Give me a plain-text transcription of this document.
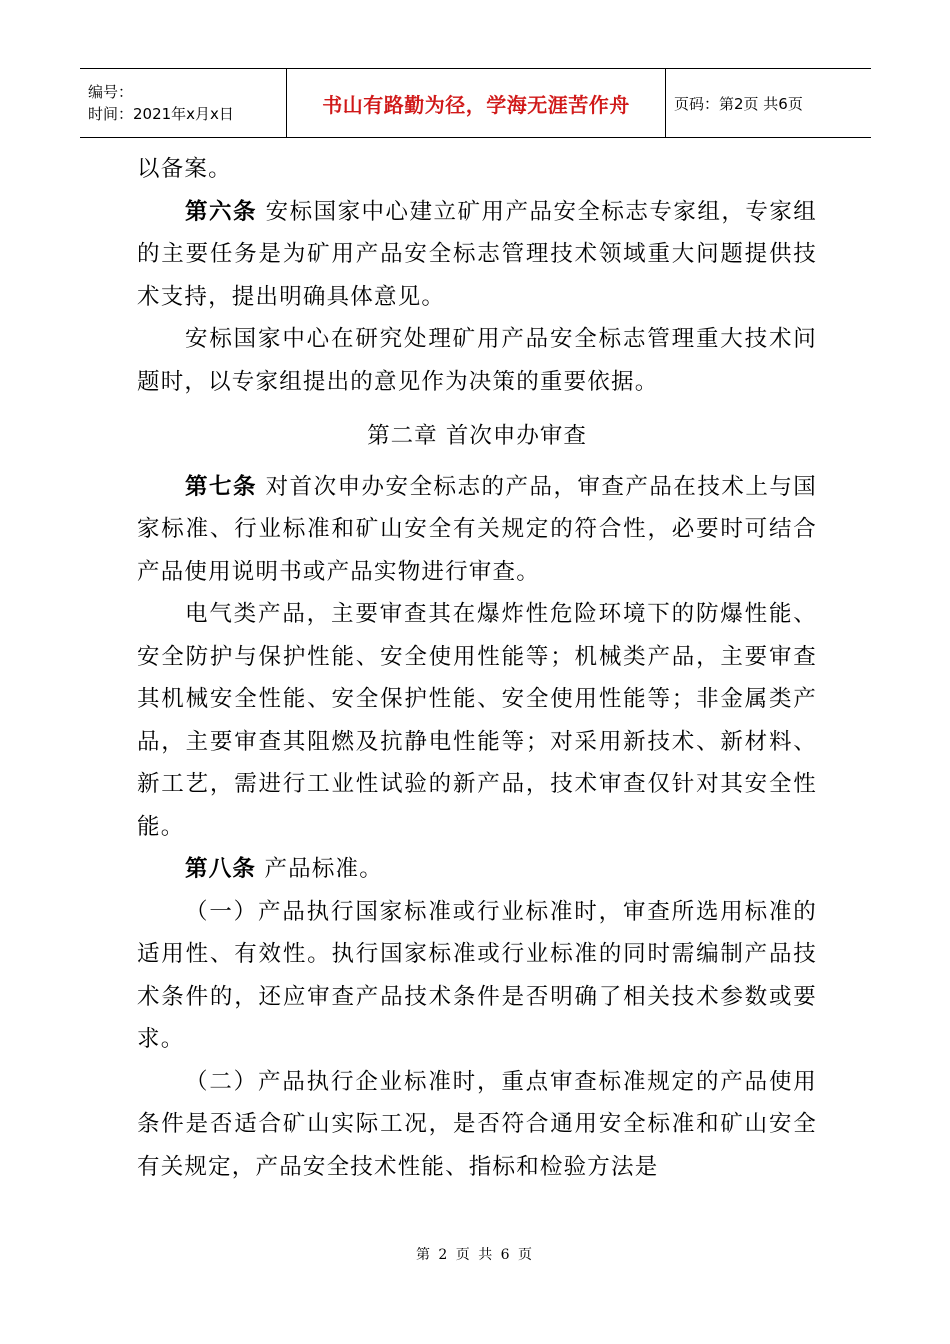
编号：
时间：2021年x月x日	书山有路勤为径，学海无涯苦作舟	页码：第2页 共6页

以备案。

第六条 安标国家中心建立矿用产品安全标志专家组，专家组的主要任务是为矿用产品安全标志管理技术领域重大问题提供技术支持，提出明确具体意见。

安标国家中心在研究处理矿用产品安全标志管理重大技术问题时，以专家组提出的意见作为决策的重要依据。

第二章 首次申办审查

第七条 对首次申办安全标志的产品，审查产品在技术上与国家标准、行业标准和矿山安全有关规定的符合性，必要时可结合产品使用说明书或产品实物进行审查。

电气类产品，主要审查其在爆炸性危险环境下的防爆性能、安全防护与保护性能、安全使用性能等；机械类产品，主要审查其机械安全性能、安全保护性能、安全使用性能等；非金属类产品，主要审查其阻燃及抗静电性能等；对采用新技术、新材料、新工艺，需进行工业性试验的新产品，技术审查仅针对其安全性能。

第八条 产品标准。

（一）产品执行国家标准或行业标准时，审查所选用标准的适用性、有效性。执行国家标准或行业标准的同时需编制产品技术条件的，还应审查产品技术条件是否明确了相关技术参数或要求。

（二）产品执行企业标准时，重点审查标准规定的产品使用条件是否适合矿山实际工况，是否符合通用安全标准和矿山安全有关规定，产品安全技术性能、指标和检验方法是

第 2 页 共 6 页
